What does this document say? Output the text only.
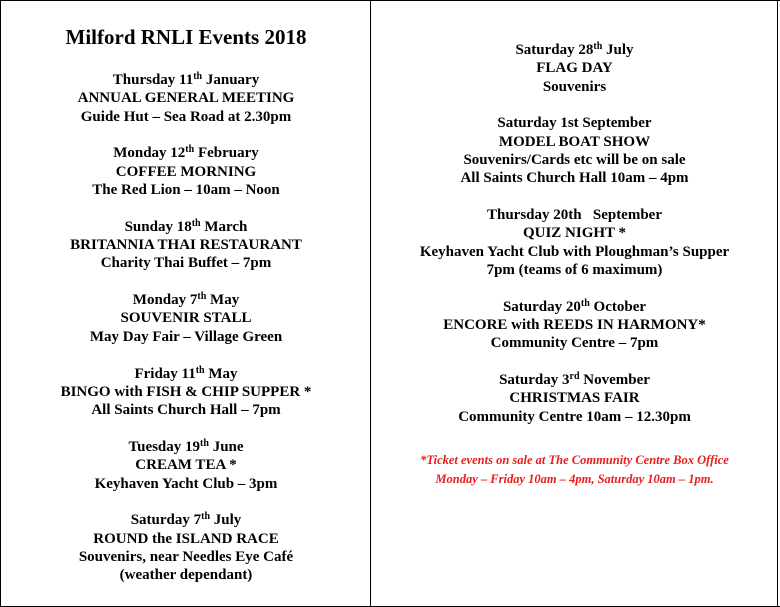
Milford RNLI Events 2018
Thursday 11th January
ANNUAL GENERAL MEETING
Guide Hut – Sea Road at 2.30pm
Monday 12th February
COFFEE MORNING
The Red Lion – 10am – Noon
Sunday 18th March
BRITANNIA THAI RESTAURANT
Charity Thai Buffet – 7pm
Monday 7th May
SOUVENIR STALL
May Day Fair – Village Green
Friday 11th May
BINGO with FISH & CHIP SUPPER *
All Saints Church Hall – 7pm
Tuesday 19th June
CREAM TEA *
Keyhaven Yacht Club – 3pm
Saturday 7th July
ROUND the ISLAND RACE
Souvenirs, near Needles Eye Café
(weather dependant)
Saturday 28th July
FLAG DAY
Souvenirs
Saturday 1st September
MODEL BOAT SHOW
Souvenirs/Cards etc will be on sale
All Saints Church Hall 10am – 4pm
Thursday 20th   September
QUIZ NIGHT *
Keyhaven Yacht Club with Ploughman’s Supper
7pm (teams of 6 maximum)
Saturday 20th October
ENCORE with REEDS IN HARMONY*
Community Centre – 7pm
Saturday 3rd November
CHRISTMAS FAIR
Community Centre 10am – 12.30pm
*Ticket events on sale at The Community Centre Box Office
Monday – Friday 10am – 4pm, Saturday 10am – 1pm.
